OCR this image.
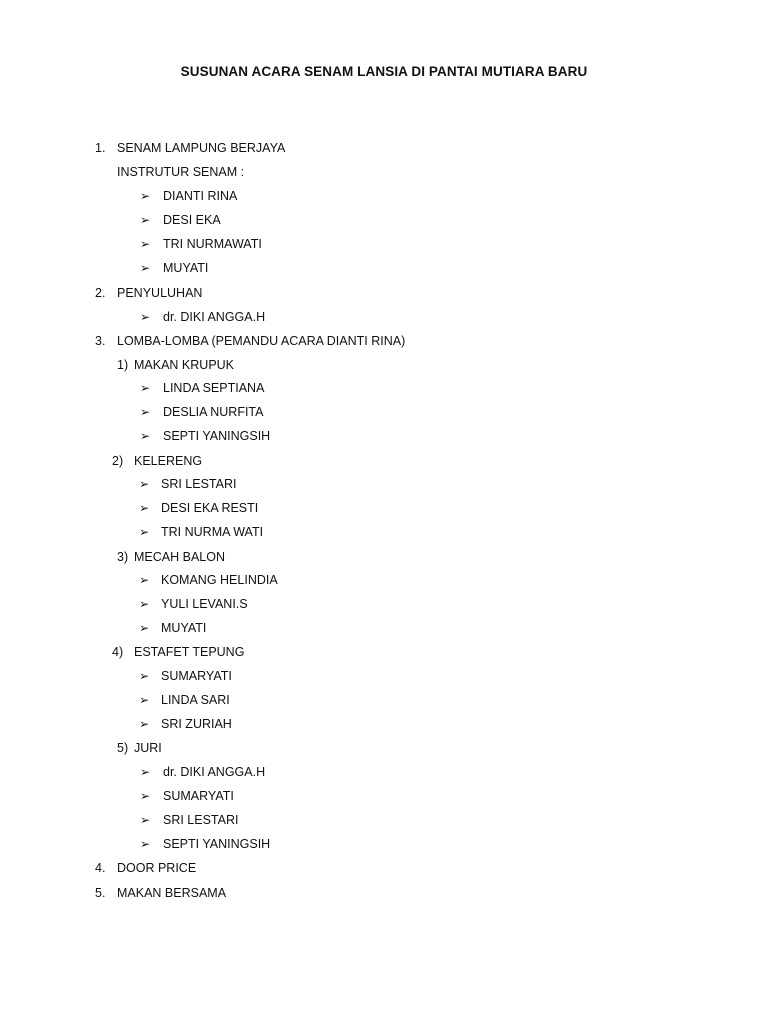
SUSUNAN ACARA SENAM LANSIA DI PANTAI MUTIARA BARU
1. SENAM LAMPUNG BERJAYA
INSTRUTUR SENAM :
➢ DIANTI RINA
➢ DESI EKA
➢ TRI NURMAWATI
➢ MUYATI
2. PENYULUHAN
➢ dr. DIKI ANGGA.H
3. LOMBA-LOMBA (PEMANDU ACARA DIANTI RINA)
1) MAKAN KRUPUK
➢ LINDA SEPTIANA
➢ DESLIA NURFITA
➢ SEPTI YANINGSIH
2) KELERENG
➢ SRI LESTARI
➢ DESI EKA RESTI
➢ TRI NURMA WATI
3) MECAH BALON
➢ KOMANG HELINDIA
➢ YULI LEVANI.S
➢ MUYATI
4) ESTAFET TEPUNG
➢ SUMARYATI
➢ LINDA SARI
➢ SRI ZURIAH
5) JURI
➢ dr. DIKI ANGGA.H
➢ SUMARYATI
➢ SRI LESTARI
➢ SEPTI YANINGSIH
4. DOOR PRICE
5. MAKAN BERSAMA
